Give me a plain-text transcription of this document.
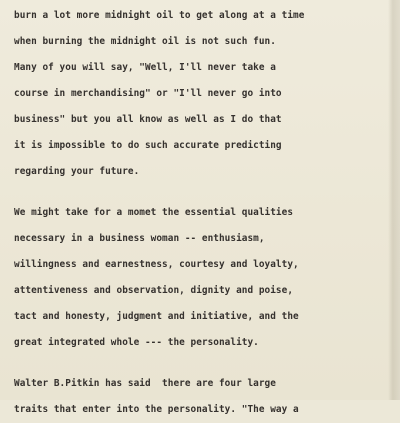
burn a lot more midnight oil to get along at a time
when burning the midnight oil is not such fun.
Many of you will say, "Well, I'll never take a
course in merchandising" or "I'll never go into
business" but you all know as well as I do that
it is impossible to do such accurate predicting
regarding your future.
We might take for a momet the essential qualities
necessary in a business woman -- enthusiasm,
willingness and earnestness, courtesy and loyalty,
attentiveness and observation, dignity and poise,
tact and honesty, judgment and initiative, and the
great integrated whole --- the personality.
Walter B.Pitkin has said  there are four large
traits that enter into the personality. "The way a
